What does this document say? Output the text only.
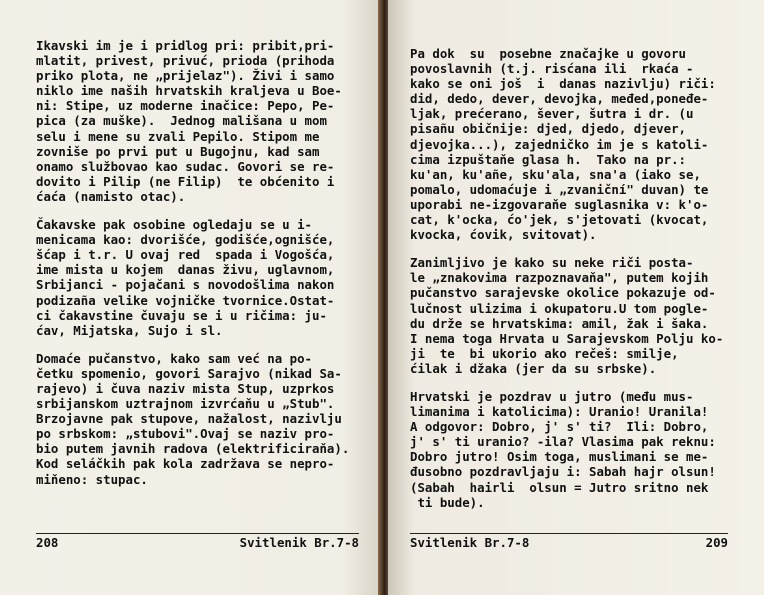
Ikavski im je i pridlog pri: pribit,pri-
mlatit, privest, privuć, prioda (prihoda
priko plota, ne „prijelaz"). Živi i samo
niklo ime naših hrvatskih kraljeva u Boe-
ni: Stipe, uz moderne inačice: Pepo, Pe-
pica (za muške).  Jednog mališana u mom
selu i mene su zvali Pepilo. Stipom me
zovniše po prvi put u Bugojnu, kad sam
onamo službovao kao sudac. Govori se re-
dovito i Pilip (ne Filip)  te obćenito i
ćaća (namisto otac).
Čakavske pak osobine ogledaju se u i-
menicama kao: dvorišće, godišće,ognišće,
šćap i t.r. U ovaj red  spada i Vogošća,
ime mista u kojem  danas živu, uglavnom,
Srbijanci - pojačani s novodošlima nakon
podizaña velike vojničke tvornice.Ostat-
ci čakavstine čuvaju se i u ričima: ju-
ćav, Mijatska, Sujo i sl.
Domaće pučanstvo, kako sam već na po-
četku spomenio, govori Sarajvo (nikad Sa-
rajevo) i čuva naziv mista Stup, uzprkos
srbijanskom uztrajnom izvrćaňu u „Stub".
Brzojavne pak stupove, nažalost, nazivlju
po srbskom: „stubovi".Ovaj se naziv pro-
bio putem javnih radova (elektrificiraňa).
Kod seláčkih pak kola zadržava se nepro-
miňeno: stupac.
208	Svitlenik Br.7-8
Pa dok  su  posebne značajke u govoru
povoslavnih (t.j. risćana ili  rkaća -
kako se oni još  i  danas nazivlju) riči:
did, dedo, dever, devojka, međed,poneđe-
ljak, prećerano, šever, šutra i dr. (u
pisañu običnije: djed, djedo, djever,
djevojka...), zajedničko im je s katoli-
cima izpuštaňe glasa h.  Tako na pr.:
ku'an, ku'añe, sku'ala, sna'a (iako se,
pomalo, udomaćuje i „zvaniční" duvan) te
uporabi ne-izgovaraňe suglasnika v: k'o-
cat, k'ocka, ćo'jek, s'jetovati (kvocat,
kvocka, ćovik, svitovat).
Zanimljivo je kako su neke riči posta-
le „znakovima razpoznavaňa", putem kojih
pučanstvo sarajevske okolice pokazuje od-
lučnost ulizima i okupatoru.U tom pogle-
du drže se hrvatskima: amil, žak i šaka.
I nema toga Hrvata u Sarajevskom Polju ko-
ji  te  bi ukorio ako rečeš: smilje,
ćilak i džaka (jer da su srbske).
Hrvatski je pozdrav u jutro (među mus-
limanima i katolicima): Uranio! Uranila!
A odgovor: Dobro, j' s' ti?  Ili: Dobro,
j' s' ti uranio? -ila? Vlasima pak reknu:
Dobro jutro! Osim toga, muslimani se me-
đusobno pozdravljaju i: Sabah hajr olsun!
(Sabah  hairli  olsun = Jutro sritno nek
ti bude).
Svitlenik Br.7-8	209
